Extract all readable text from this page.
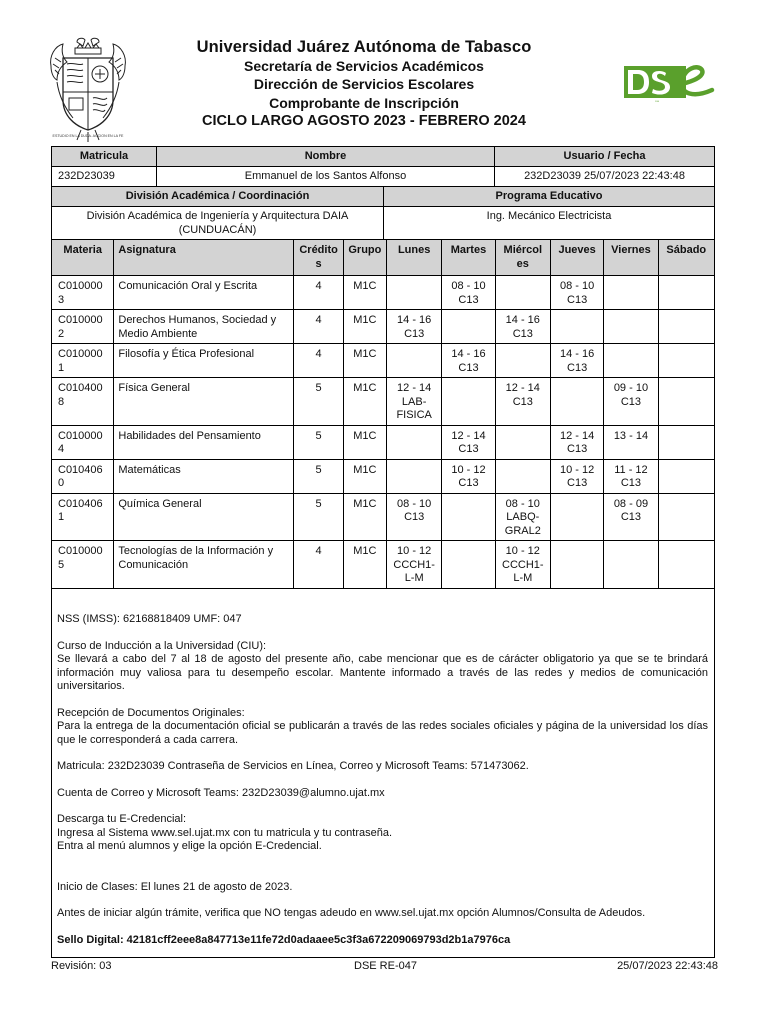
ESTUDIO EN LA DUDA. ACCION EN LA FE
Universidad Juárez Autónoma de Tabasco
Secretaría de Servicios Académicos
Dirección de Servicios Escolares
Comprobante de Inscripción
CICLO LARGO AGOSTO 2023 - FEBRERO 2024
DSE
Matricula	Nombre	Usuario / Fecha
232D23039	Emmanuel de los Santos Alfonso	232D23039 25/07/2023 22:43:48
División Académica / Coordinación	Programa Educativo
División Académica de Ingeniería y Arquitectura DAIA
(CUNDUACÁN)
Ing. Mecánico Electricista
Materia	Asignatura	Crédito s	Grupo	Lunes	Martes	Miércol es	Jueves	Viernes	Sábado
C010000 3	Comunicación Oral y Escrita	4	M1C		08 - 10 C13		08 - 10 C13		
C010000 2	Derechos Humanos, Sociedad y Medio Ambiente	4	M1C	14 - 16 C13		14 - 16 C13			
C010000 1	Filosofía y Ética Profesional	4	M1C		14 - 16 C13		14 - 16 C13		
C010400 8	Física General	5	M1C	12 - 14 LAB- FISICA		12 - 14 C13		09 - 10 C13	
C010000 4	Habilidades del Pensamiento	5	M1C		12 - 14 C13		12 - 14 C13	13 - 14	
C010406 0	Matemáticas	5	M1C		10 - 12 C13		10 - 12 C13	11 - 12 C13	
C010406 1	Química General	5	M1C	08 - 10 C13		08 - 10 LABQ- GRAL2		08 - 09 C13	
C010000 5	Tecnologías de la Información y Comunicación	4	M1C	10 - 12 CCCH1- L-M		10 - 12 CCCH1- L-M			

NSS (IMSS): 62168818409 UMF: 047

Curso de Inducción a la Universidad (CIU):

Se llevará a cabo del 7 al 18 de agosto del presente año, cabe mencionar que es de cárácter obligatorio ya que se te brindará información muy valiosa para tu desempeño escolar. Mantente informado a través de las redes y medios de comunicación universitarios.

Recepción de Documentos Originales:

Para la entrega de la documentación oficial se publicarán a través de las redes sociales oficiales y página de la universidad los días que le corresponderá a cada carrera.

Matricula: 232D23039 Contraseña de Servicios en Línea, Correo y Microsoft Teams: 571473062.

Cuenta de Correo y Microsoft Teams: 232D23039@alumno.ujat.mx

Descarga tu E-Credencial:

Ingresa al Sistema www.sel.ujat.mx con tu matricula y tu contraseña.

Entra al menú alumnos y elige la opción E-Credencial.

Inicio de Clases: El lunes 21 de agosto de 2023.

Antes de iniciar algún trámite, verifica que NO tengas adeudo en www.sel.ujat.mx opción Alumnos/Consulta de Adeudos.

Sello Digital: 42181cff2eee8a847713e11fe72d0adaaee5c3f3a672209069793d2b1a7976ca

Revisión: 03	DSE RE-047	25/07/2023 22:43:48
